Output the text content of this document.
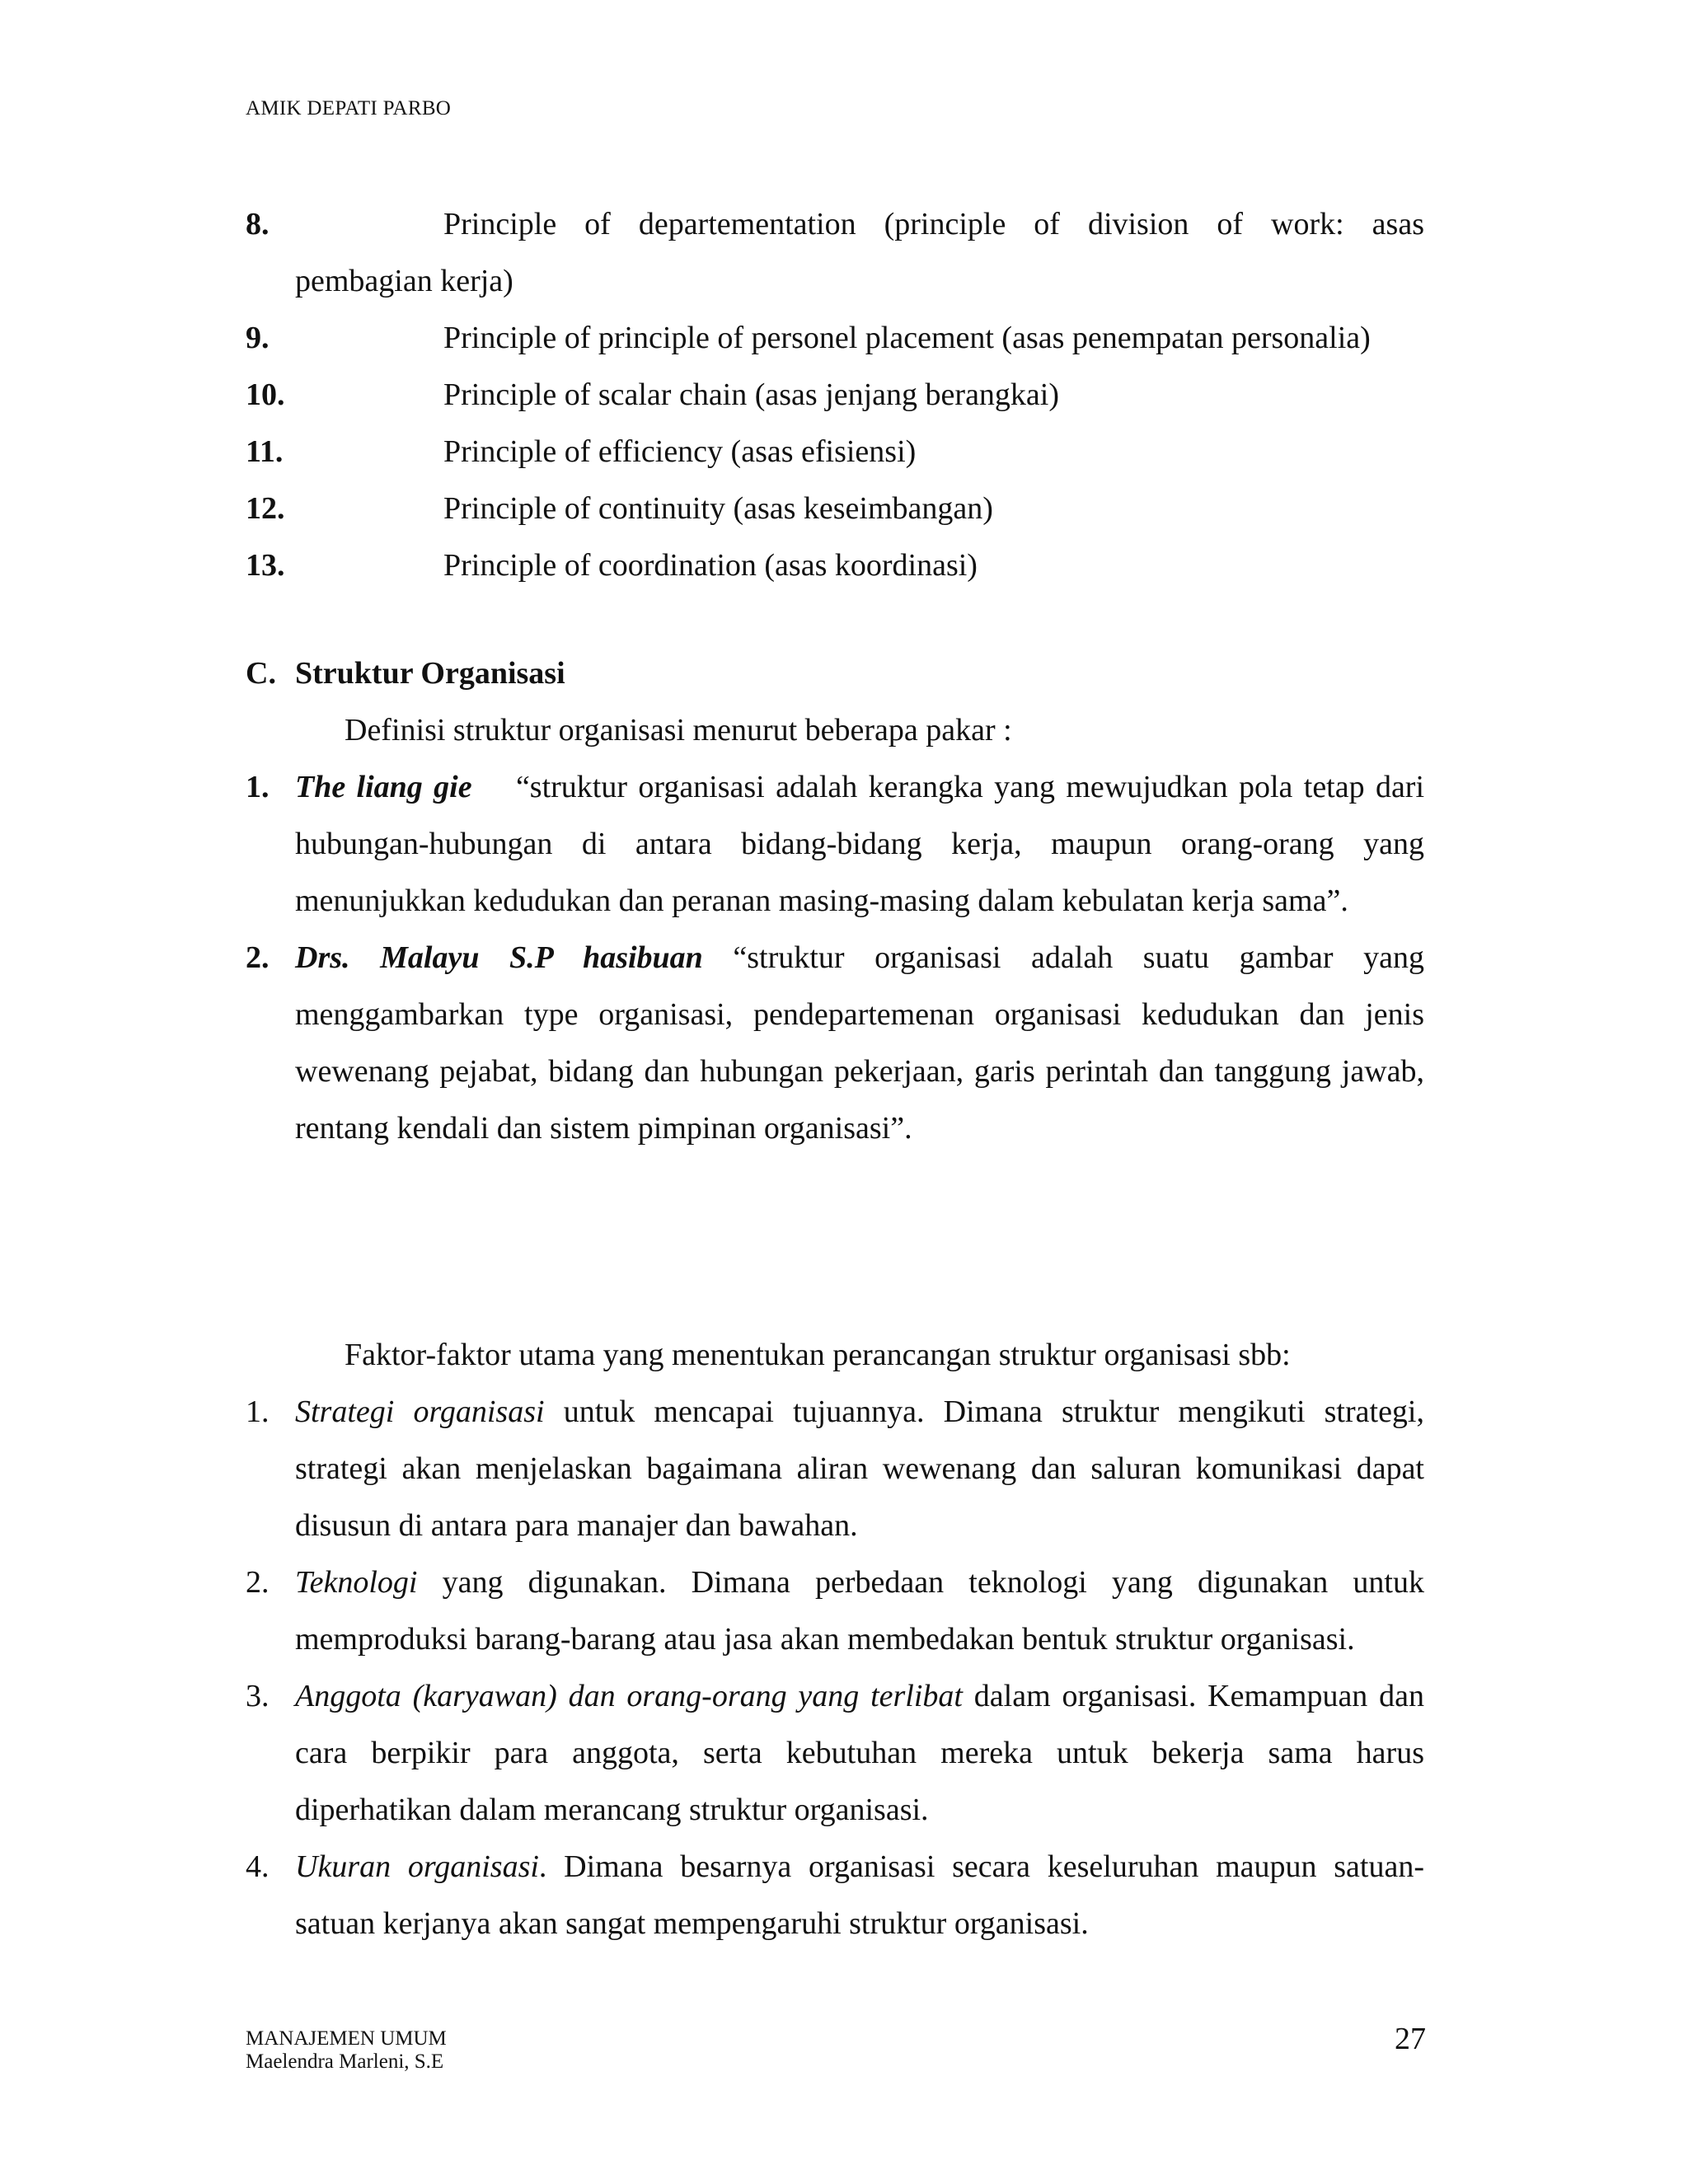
AMIK DEPATI PARBO
8.	Principle of departementation (principle of division of work: asas
pembagian kerja)
9.	Principle of principle of personel placement (asas penempatan personalia)
10.	Principle of scalar chain (asas jenjang berangkai)
11.	Principle of efficiency (asas efisiensi)
12.	Principle of continuity (asas keseimbangan)
13.	Principle of coordination (asas koordinasi)
C. Struktur Organisasi
Definisi struktur organisasi menurut beberapa pakar :
1. The liang gie “struktur organisasi adalah kerangka yang mewujudkan pola tetap dari hubungan-hubungan di antara bidang-bidang kerja, maupun orang-orang yang menunjukkan kedudukan dan peranan masing-masing dalam kebulatan kerja sama”.
2. Drs. Malayu S.P hasibuan “struktur organisasi adalah suatu gambar yang menggambarkan type organisasi, pendepartemenan organisasi kedudukan dan jenis wewenang pejabat, bidang dan hubungan pekerjaan, garis perintah dan tanggung jawab, rentang kendali dan sistem pimpinan organisasi”.
Faktor-faktor utama yang menentukan perancangan struktur organisasi sbb:
1. Strategi organisasi untuk mencapai tujuannya. Dimana struktur mengikuti strategi, strategi akan menjelaskan bagaimana aliran wewenang dan saluran komunikasi dapat disusun di antara para manajer dan bawahan.
2. Teknologi yang digunakan. Dimana perbedaan teknologi yang digunakan untuk memproduksi barang-barang atau jasa akan membedakan bentuk struktur organisasi.
3. Anggota (karyawan) dan orang-orang yang terlibat dalam organisasi. Kemampuan dan cara berpikir para anggota, serta kebutuhan mereka untuk bekerja sama harus diperhatikan dalam merancang struktur organisasi.
4. Ukuran organisasi. Dimana besarnya organisasi secara keseluruhan maupun satuan-satuan kerjanya akan sangat mempengaruhi struktur organisasi.
MANAJEMEN UMUM
Maelendra Marleni, S.E
27
